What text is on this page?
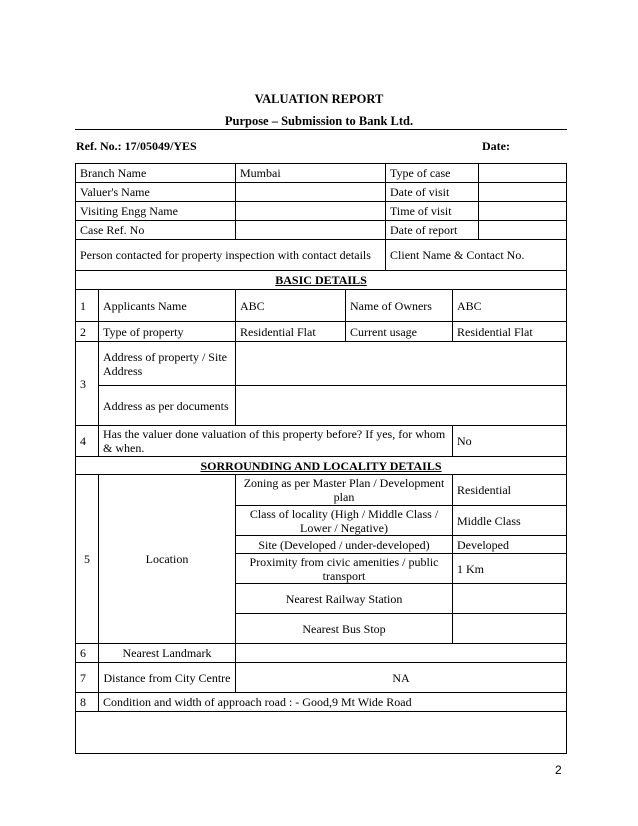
VALUATION REPORT
Purpose – Submission to Bank Ltd.
Ref. No.: 17/05049/YES	Date:
Branch Name		Mumbai		Type of case		
Valuer's Name				Date of visit		
Visiting Engg Name				Time of visit		
Case Ref. No				Date of report		
Person contacted for property inspection with contact details				Client Name & Contact No.		
BASIC DETAILS						
1	Applicants Name	ABC	Name of Owners		ABC	
2	Type of property	Residential Flat	Current usage		Residential Flat	
3	Address of property / Site Address					
	Address as per documents					
4	Has the valuer done valuation of this property before? If yes, for whom & when.				No	
SORROUNDING AND LOCALITY DETAILS						
5	Location	Zoning as per Master Plan / Development plan			Residential	
		Class of locality (High / Middle Class / Lower / Negative)			Middle Class	
		Site (Developed / under-developed)			Developed	
		Proximity from civic amenities / public transport			1 Km	
		Nearest Railway Station				
		Nearest Bus Stop				
6	Nearest Landmark					
7	Distance from City Centre	NA				
8	Condition and width of approach road : - Good,9 Mt Wide Road					

2
